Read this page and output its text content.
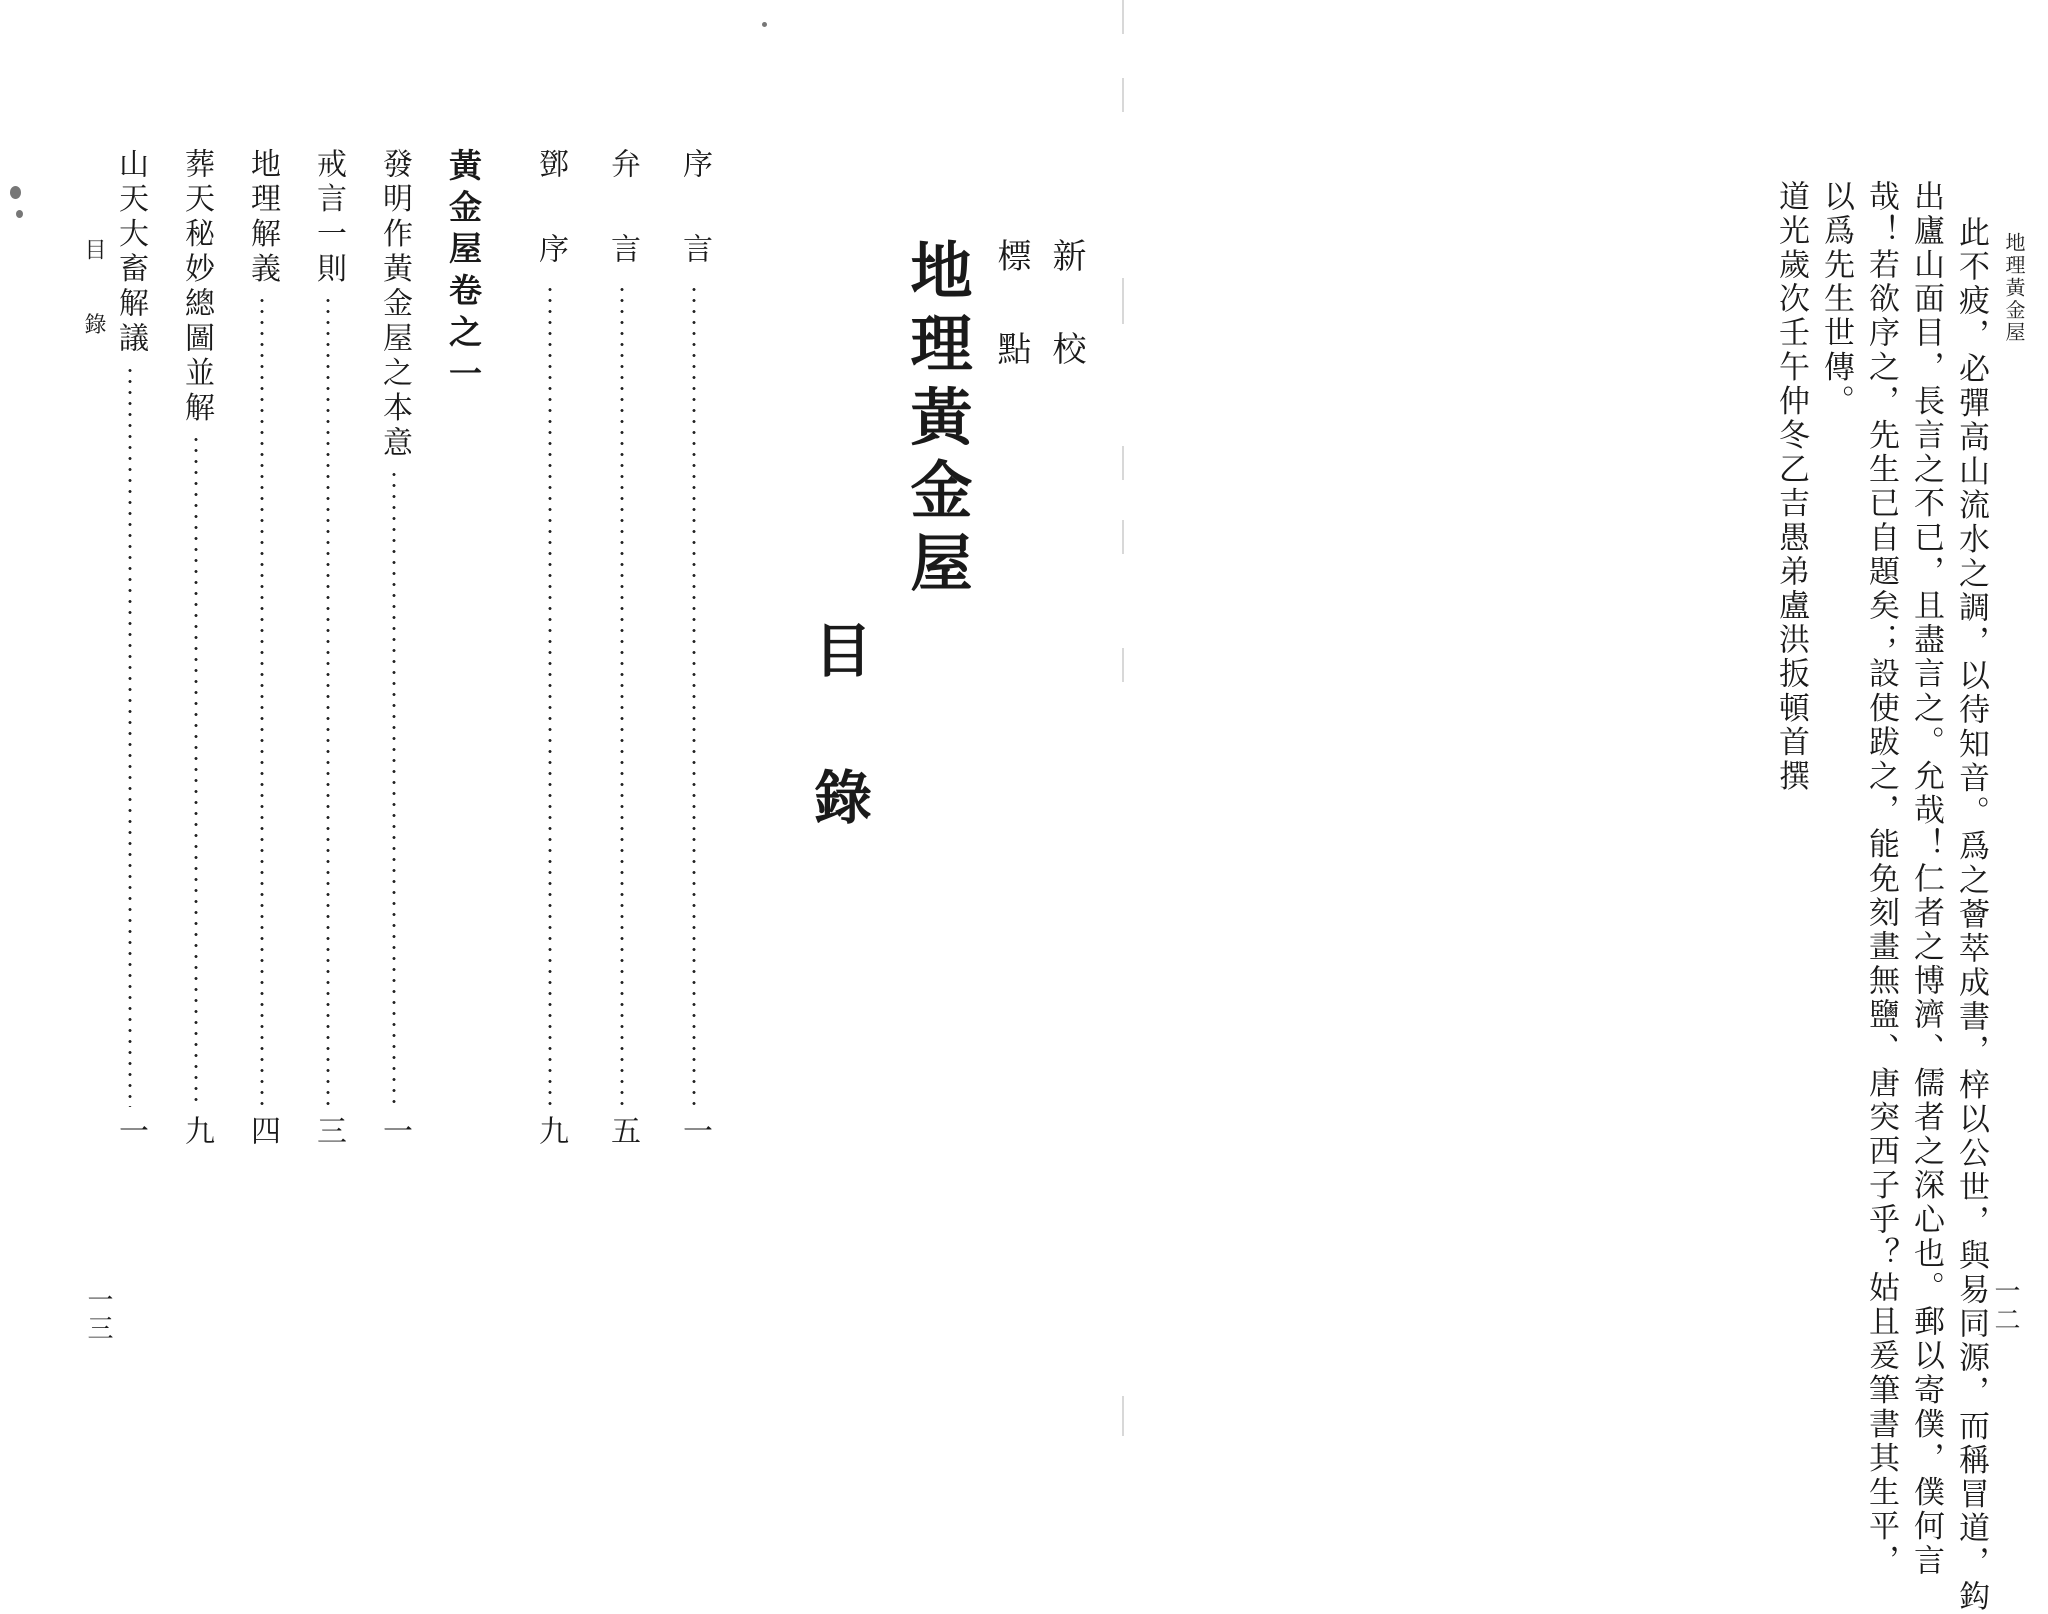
地理黃金屋
道光歲次壬午仲冬乙吉愚弟盧洪扳頓首撰 以爲先生世傳。 哉！若欲序之，先生已自題矣；設使跋之，能免刻畫無鹽、唐突西子乎？姑且爰筆書其生平， 出廬山面目，長言之不已，且盡言之。允哉！仁者之博濟、儒者之深心也。郵以寄僕，僕何言 此不疲，必彈高山流水之調，以待知音。爲之薈萃成書，梓以公世，與易同源，而稱冒道，鈎 一二
目 錄
地理黃金屋 標 點 新 校
序　言
一
弁　言
五
鄧　序
九
黃金屋卷之一
發明作黃金屋之本意
一
戒言一則
三
地理解義
四
葬天秘妙總圖並解
九
山天大畜解議
一
目　錄
一三
